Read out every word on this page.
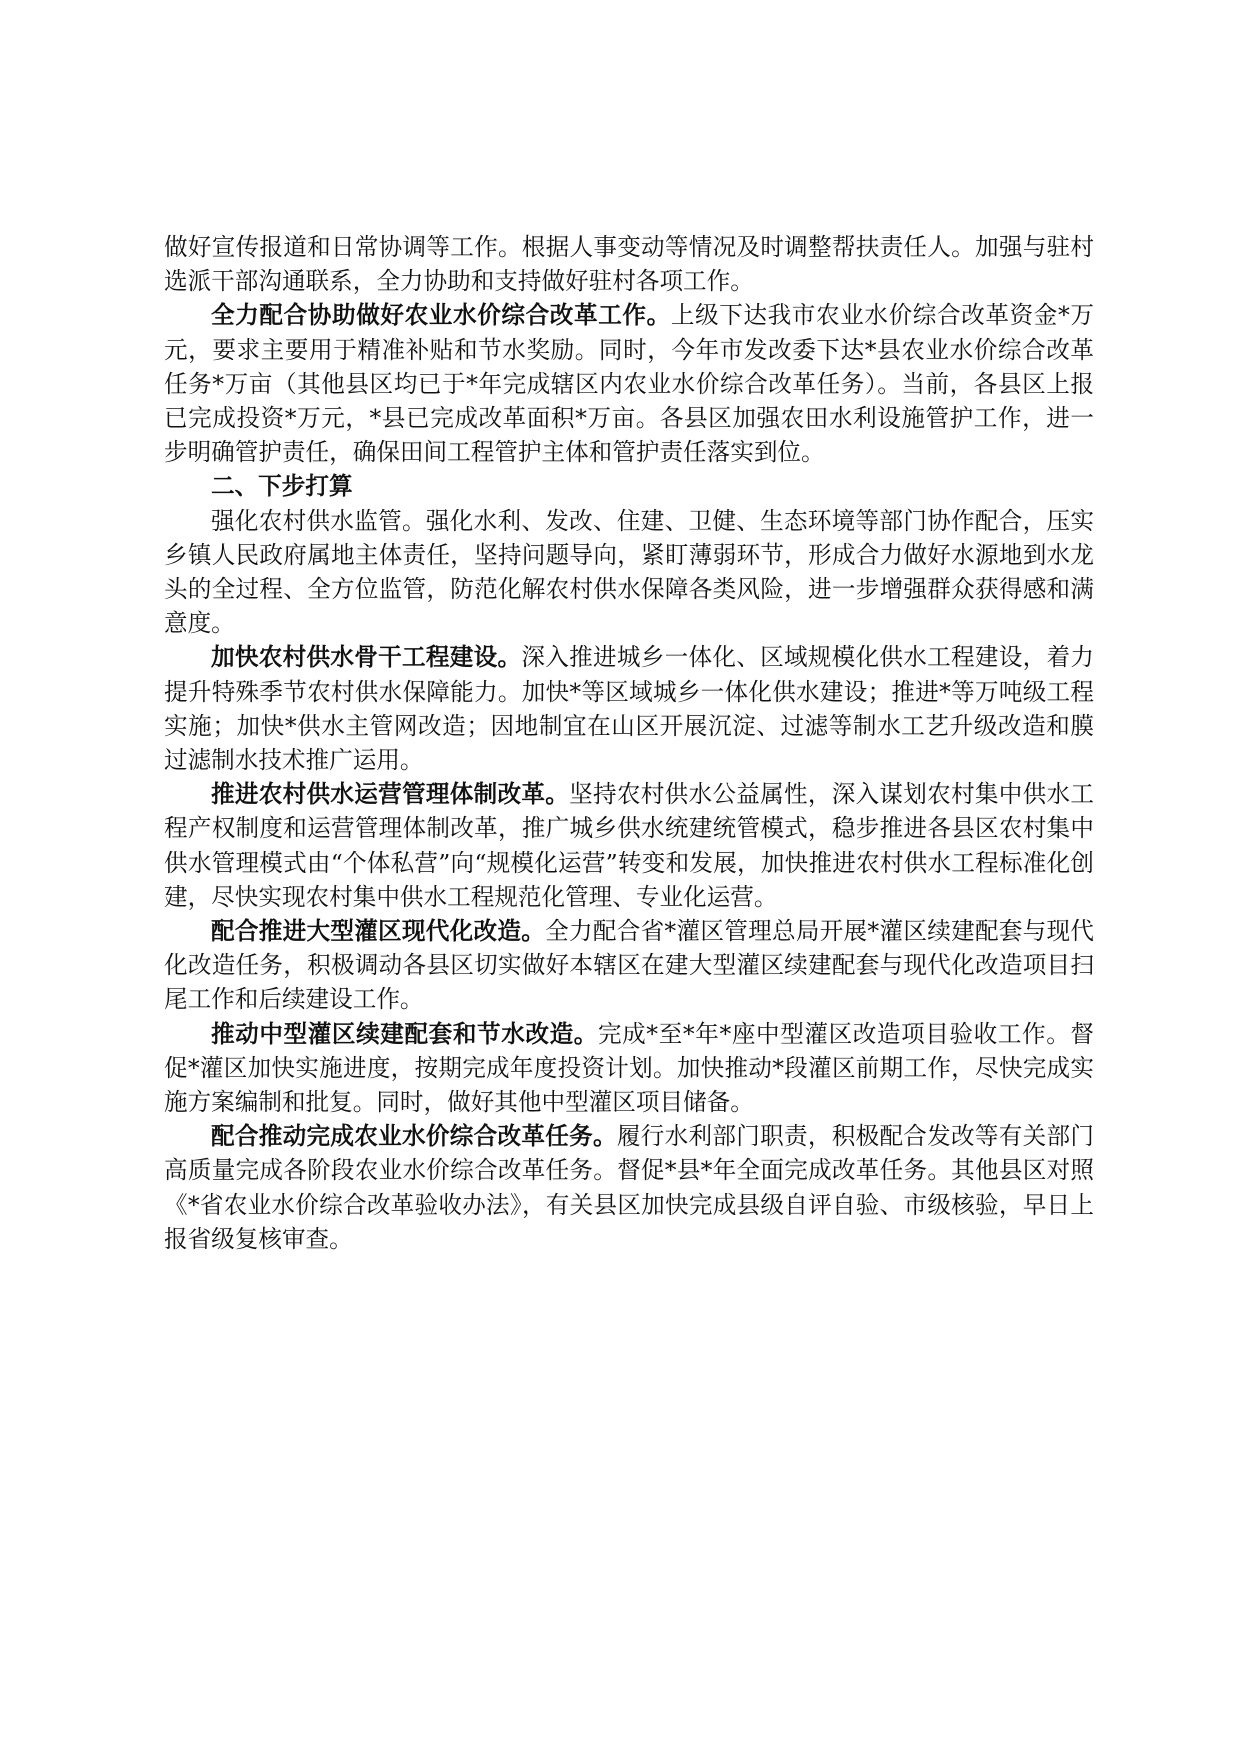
做好宣传报道和日常协调等工作。根据人事变动等情况及时调整帮扶责任人。加强与驻村选派干部沟通联系，全力协助和支持做好驻村各项工作。

全力配合协助做好农业水价综合改革工作。上级下达我市农业水价综合改革资金*万元，要求主要用于精准补贴和节水奖励。同时，今年市发改委下达*县农业水价综合改革任务*万亩（其他县区均已于*年完成辖区内农业水价综合改革任务）。当前，各县区上报已完成投资*万元，*县已完成改革面积*万亩。各县区加强农田水利设施管护工作，进一步明确管护责任，确保田间工程管护主体和管护责任落实到位。

二、下步打算

强化农村供水监管。强化水利、发改、住建、卫健、生态环境等部门协作配合，压实乡镇人民政府属地主体责任，坚持问题导向，紧盯薄弱环节，形成合力做好水源地到水龙头的全过程、全方位监管，防范化解农村供水保障各类风险，进一步增强群众获得感和满意度。

加快农村供水骨干工程建设。深入推进城乡一体化、区域规模化供水工程建设，着力提升特殊季节农村供水保障能力。加快*等区域城乡一体化供水建设；推进*等万吨级工程实施；加快*供水主管网改造；因地制宜在山区开展沉淀、过滤等制水工艺升级改造和膜过滤制水技术推广运用。

推进农村供水运营管理体制改革。坚持农村供水公益属性，深入谋划农村集中供水工程产权制度和运营管理体制改革，推广城乡供水统建统管模式，稳步推进各县区农村集中供水管理模式由“个体私营”向“规模化运营”转变和发展，加快推进农村供水工程标准化创建，尽快实现农村集中供水工程规范化管理、专业化运营。

配合推进大型灌区现代化改造。全力配合省*灌区管理总局开展*灌区续建配套与现代化改造任务，积极调动各县区切实做好本辖区在建大型灌区续建配套与现代化改造项目扫尾工作和后续建设工作。

推动中型灌区续建配套和节水改造。完成*至*年*座中型灌区改造项目验收工作。督促*灌区加快实施进度，按期完成年度投资计划。加快推动*段灌区前期工作，尽快完成实施方案编制和批复。同时，做好其他中型灌区项目储备。

配合推动完成农业水价综合改革任务。履行水利部门职责，积极配合发改等有关部门高质量完成各阶段农业水价综合改革任务。督促*县*年全面完成改革任务。其他县区对照《*省农业水价综合改革验收办法》，有关县区加快完成县级自评自验、市级核验，早日上报省级复核审查。
